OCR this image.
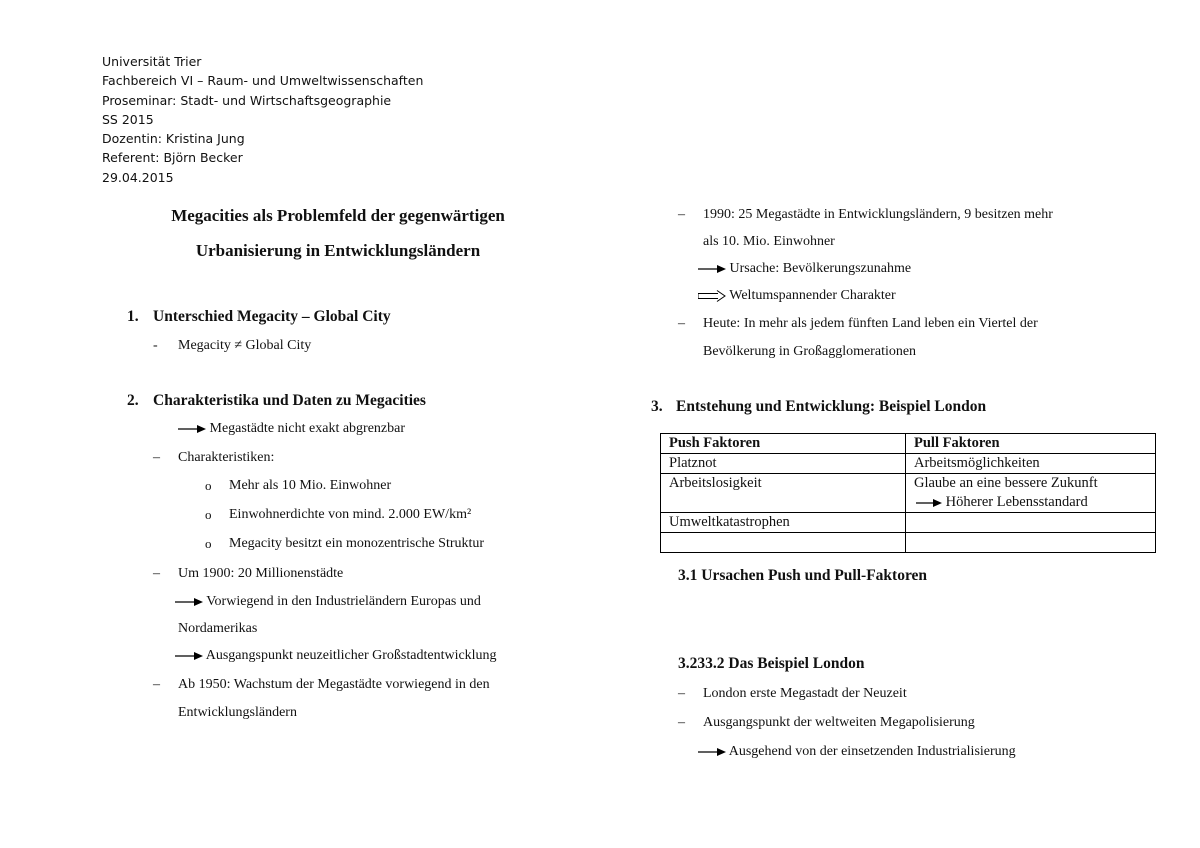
Universität Trier
Fachbereich VI – Raum- und Umweltwissenschaften
Proseminar: Stadt- und Wirtschaftsgeographie
SS 2015
Dozentin: Kristina Jung
Referent: Björn Becker
29.04.2015
Megacities als Problemfeld der gegenwärtigen
Urbanisierung in Entwicklungsländern
1. Unterschied Megacity – Global City
- Megacity ≠ Global City
2. Charakteristika und Daten zu Megacities
Megastädte nicht exakt abgrenzbar
– Charakteristiken:
o Mehr als 10 Mio. Einwohner
o Einwohnerdichte von mind. 2.000 EW/km²
o Megacity besitzt ein monozentrische Struktur
– Um 1900: 20 Millionenstädte
Vorwiegend in den Industrieländern Europas und
Nordamerikas
Ausgangspunkt neuzeitlicher Großstadtentwicklung
– Ab 1950: Wachstum der Megastädte vorwiegend in den
Entwicklungsländern
– 1990: 25 Megastädte in Entwicklungsländern, 9 besitzen mehr
als 10. Mio. Einwohner
Ursache: Bevölkerungszunahme
Weltumspannender Charakter
– Heute: In mehr als jedem fünften Land leben ein Viertel der
Bevölkerung in Großagglomerationen
3. Entstehung und Entwicklung: Beispiel London
Push Faktoren	Pull Faktoren
Platznot	Arbeitsmöglichkeiten
Arbeitslosigkeit	Glaube an eine bessere Zukunft
Höherer Lebensstandard

Umweltkatastrophen	

3.1 Ursachen Push und Pull-Faktoren
3.233.2 Das Beispiel London
– London erste Megastadt der Neuzeit
– Ausgangspunkt der weltweiten Megapolisierung
Ausgehend von der einsetzenden Industrialisierung
